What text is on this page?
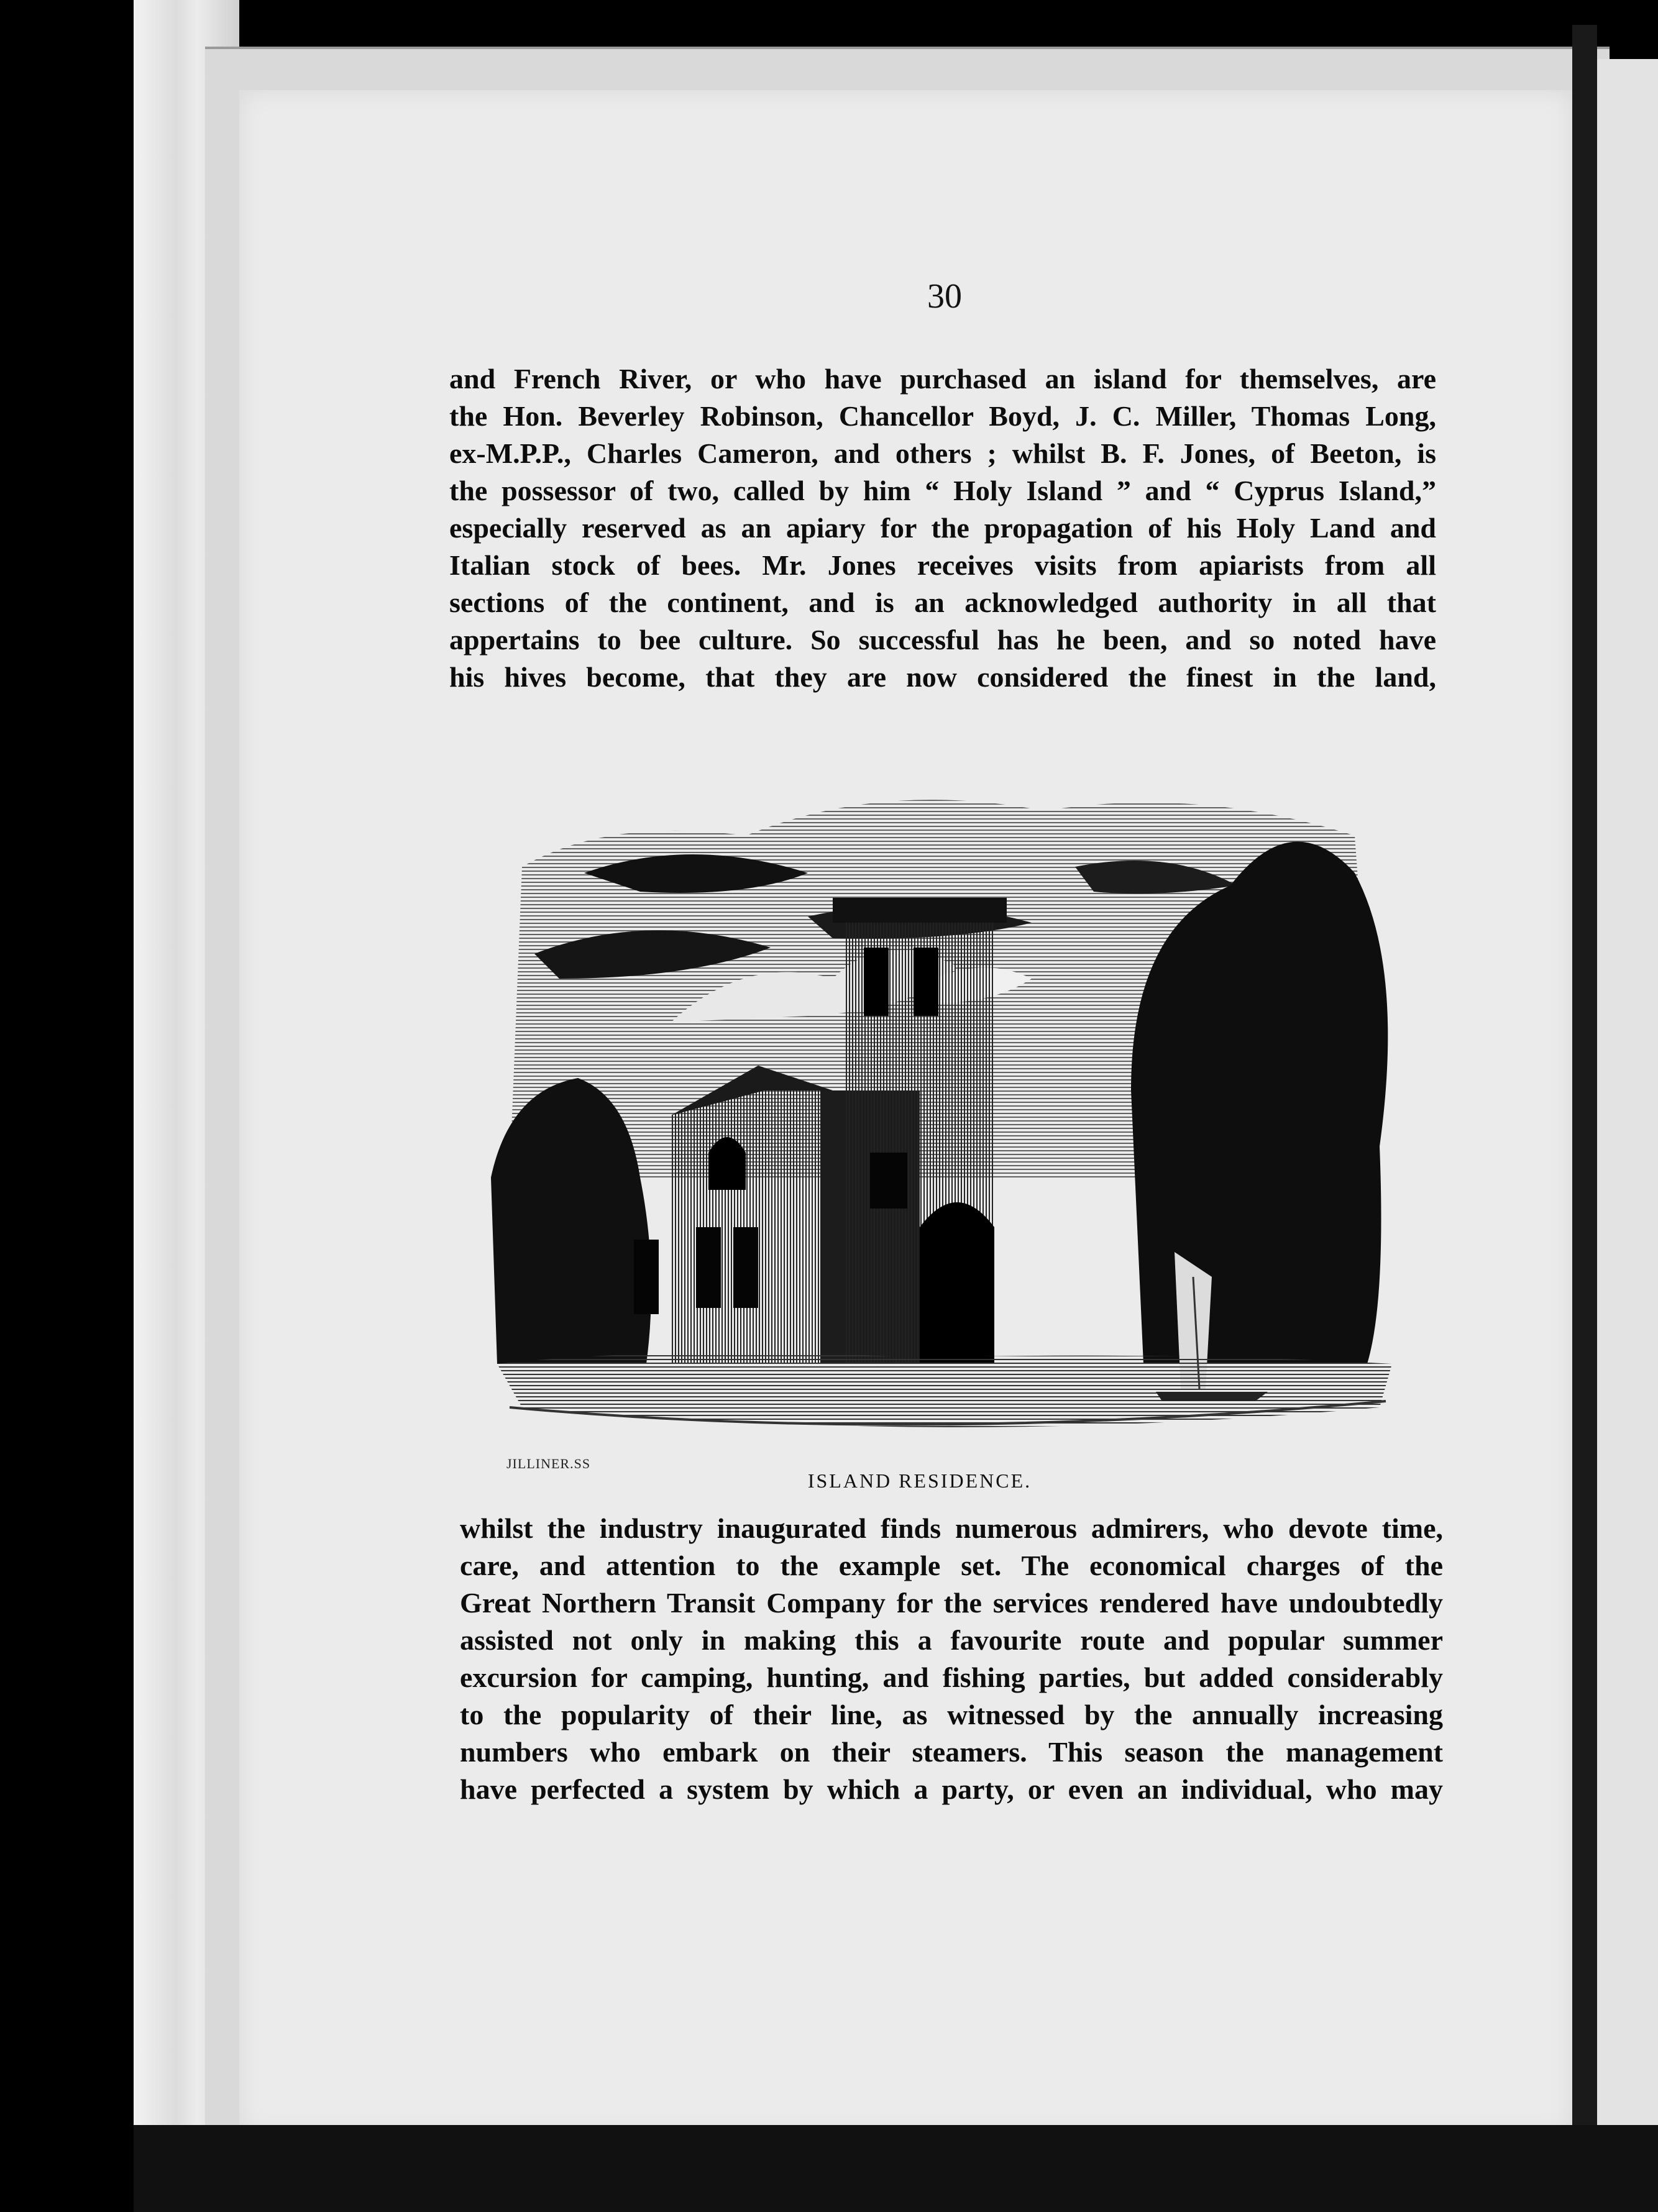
30
and French River, or who have purchased an island for themselves, are
the Hon. Beverley Robinson, Chancellor Boyd, J. C. Miller, Thomas Long,
ex-M.P.P., Charles Cameron, and others ; whilst B. F. Jones, of Beeton, is
the possessor of two, called by him “ Holy Island ” and “ Cyprus Island,”
especially reserved as an apiary for the propagation of his Holy Land and
Italian stock of bees. Mr. Jones receives visits from apiarists from all
sections of the continent, and is an acknowledged authority in all that
appertains to bee culture. So successful has he been, and so noted have
his hives become, that they are now considered the finest in the land,
JILLINER.SS
ISLAND RESIDENCE.
whilst the industry inaugurated finds numerous admirers, who devote time,
care, and attention to the example set. The economical charges of the
Great Northern Transit Company for the services rendered have undoubtedly
assisted not only in making this a favourite route and popular summer
excursion for camping, hunting, and fishing parties, but added considerably
to the popularity of their line, as witnessed by the annually increasing
numbers who embark on their steamers. This season the management
have perfected a system by which a party, or even an individual, who may
